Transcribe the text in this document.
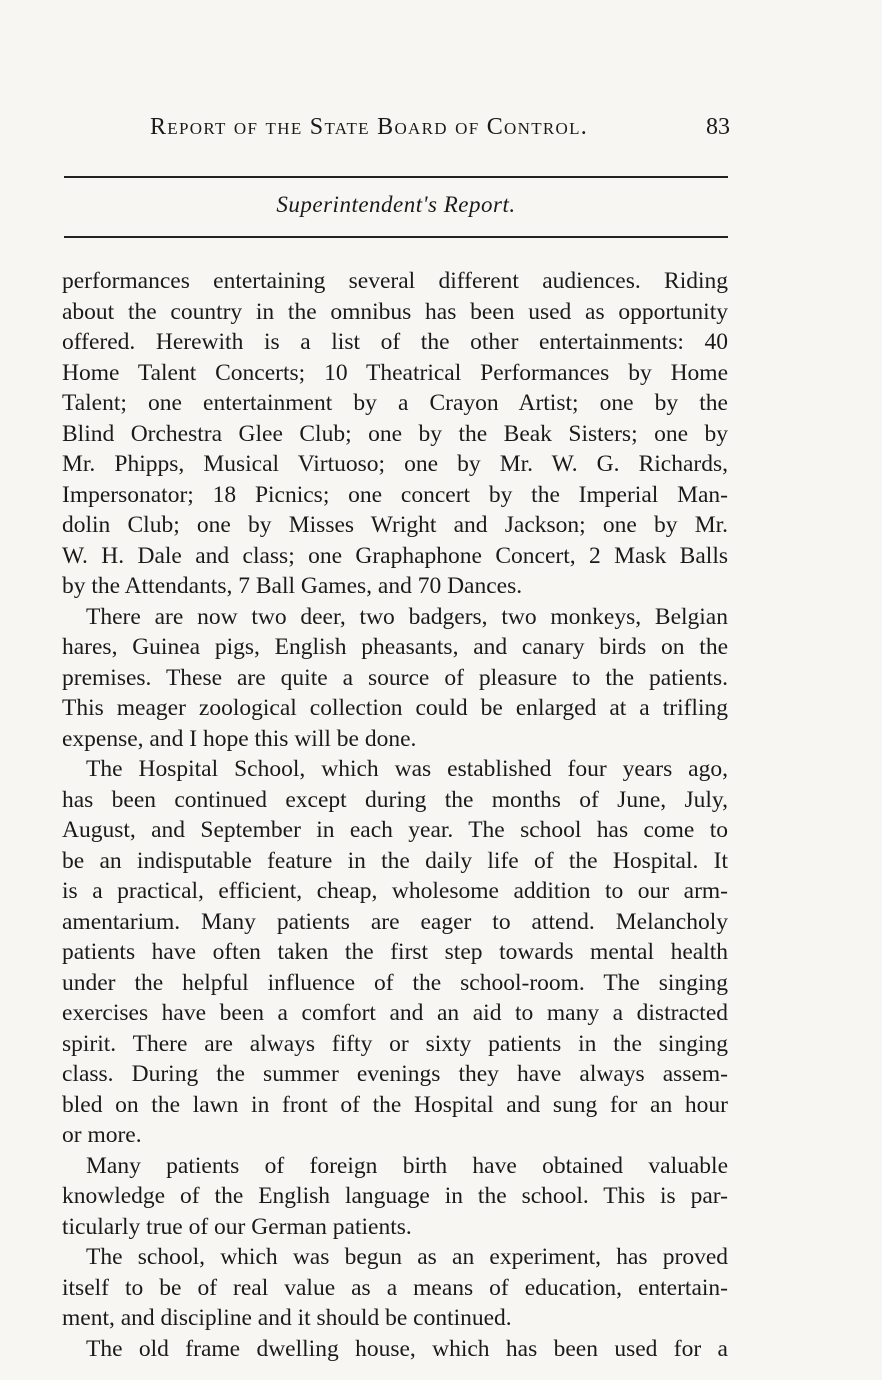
Report of the State Board of Control.	83
Superintendent's Report.
performances entertaining several different audiences. Riding
about the country in the omnibus has been used as opportunity
offered. Herewith is a list of the other entertainments: 40
Home Talent Concerts; 10 Theatrical Performances by Home
Talent; one entertainment by a Crayon Artist; one by the
Blind Orchestra Glee Club; one by the Beak Sisters; one by
Mr. Phipps, Musical Virtuoso; one by Mr. W. G. Richards,
Impersonator; 18 Picnics; one concert by the Imperial Man-
dolin Club; one by Misses Wright and Jackson; one by Mr.
W. H. Dale and class; one Graphaphone Concert, 2 Mask Balls
by the Attendants, 7 Ball Games, and 70 Dances.
There are now two deer, two badgers, two monkeys, Belgian
hares, Guinea pigs, English pheasants, and canary birds on the
premises. These are quite a source of pleasure to the patients.
This meager zoological collection could be enlarged at a trifling
expense, and I hope this will be done.
The Hospital School, which was established four years ago,
has been continued except during the months of June, July,
August, and September in each year. The school has come to
be an indisputable feature in the daily life of the Hospital. It
is a practical, efficient, cheap, wholesome addition to our arm-
amentarium. Many patients are eager to attend. Melancholy
patients have often taken the first step towards mental health
under the helpful influence of the school-room. The singing
exercises have been a comfort and an aid to many a distracted
spirit. There are always fifty or sixty patients in the singing
class. During the summer evenings they have always assem-
bled on the lawn in front of the Hospital and sung for an hour
or more.
Many patients of foreign birth have obtained valuable
knowledge of the English language in the school. This is par-
ticularly true of our German patients.
The school, which was begun as an experiment, has proved
itself to be of real value as a means of education, entertain-
ment, and discipline and it should be continued.
The old frame dwelling house, which has been used for a
